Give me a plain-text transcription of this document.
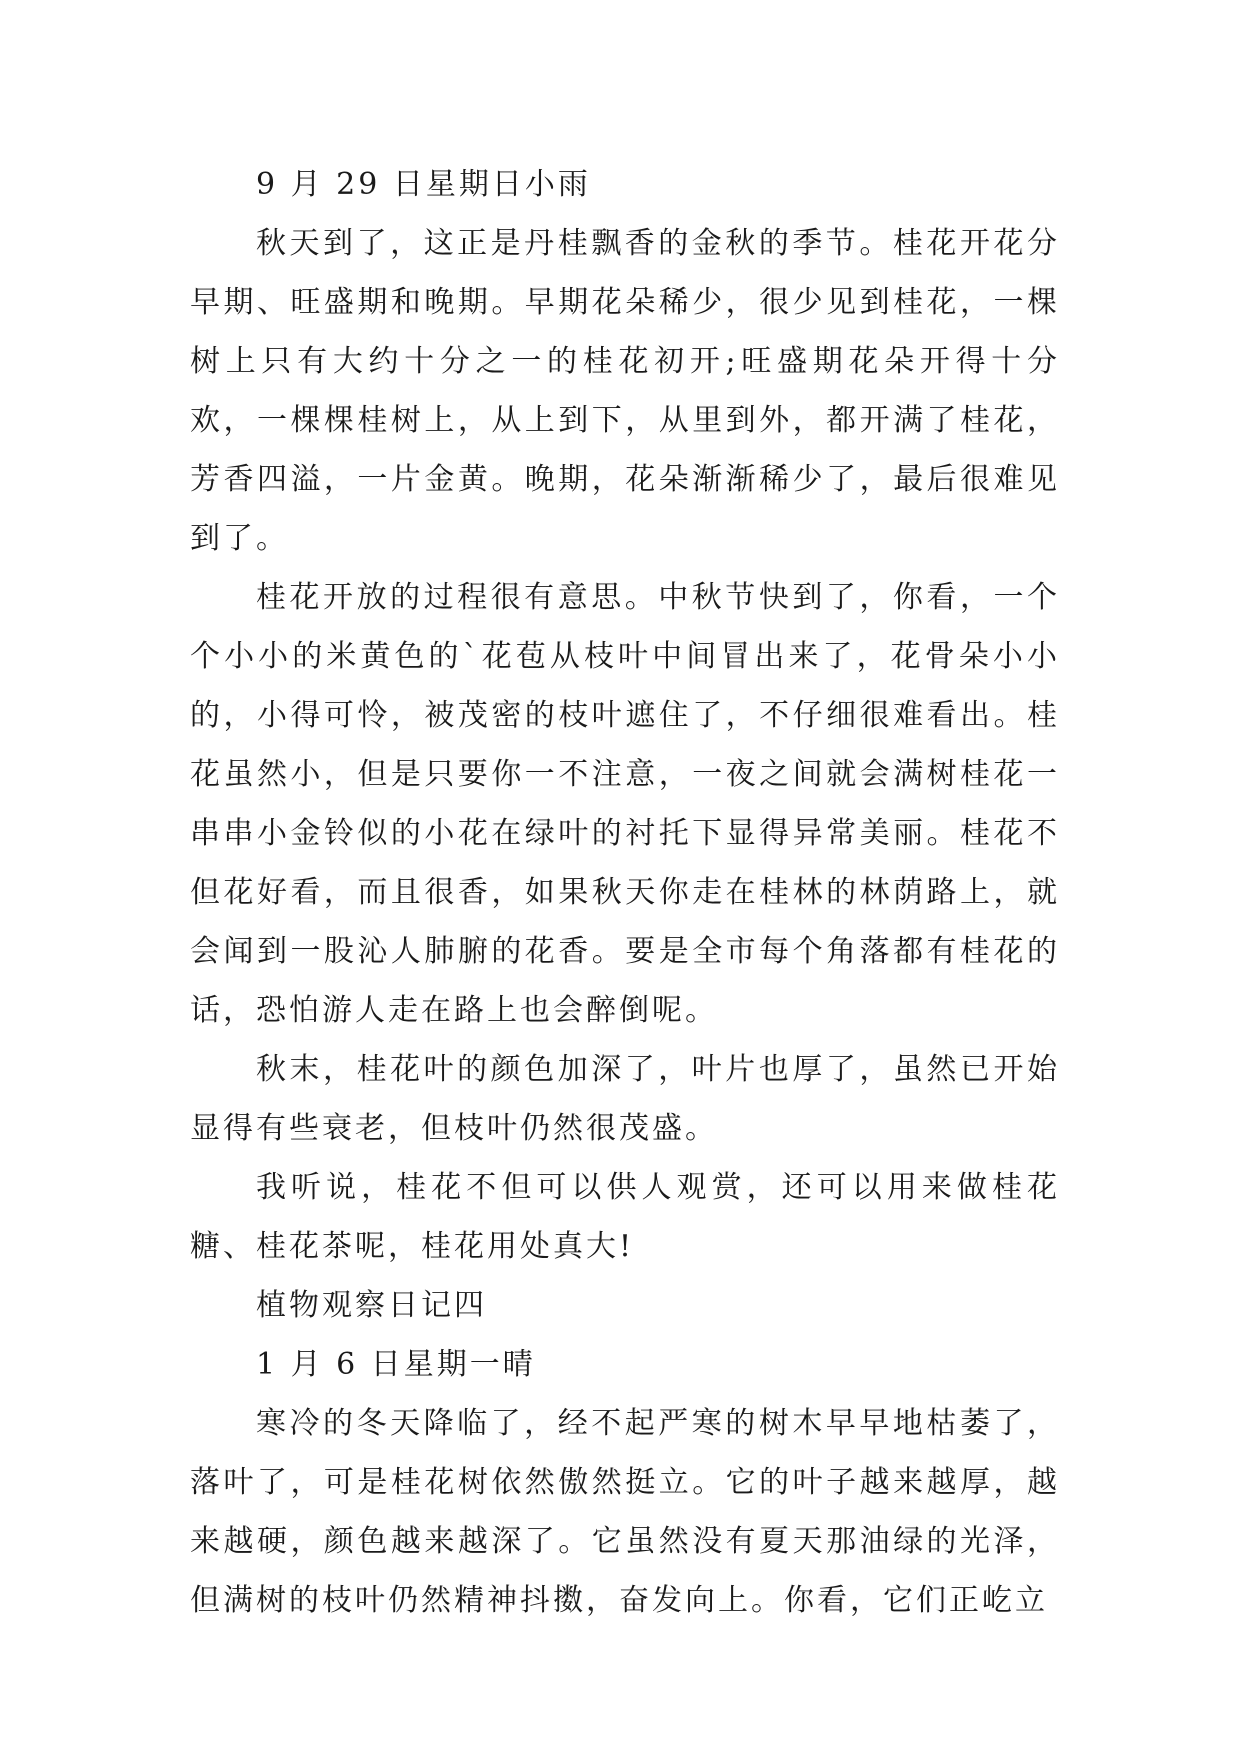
9 月 29 日星期日小雨

秋天到了，这正是丹桂飘香的金秋的季节。桂花开花分早期、旺盛期和晚期。早期花朵稀少，很少见到桂花，一棵树上只有大约十分之一的桂花初开;旺盛期花朵开得十分欢，一棵棵桂树上，从上到下，从里到外，都开满了桂花，芳香四溢，一片金黄。晚期，花朵渐渐稀少了，最后很难见到了。

桂花开放的过程很有意思。中秋节快到了，你看，一个个小小的米黄色的`花苞从枝叶中间冒出来了，花骨朵小小的，小得可怜，被茂密的枝叶遮住了，不仔细很难看出。桂花虽然小，但是只要你一不注意，一夜之间就会满树桂花一串串小金铃似的小花在绿叶的衬托下显得异常美丽。桂花不但花好看，而且很香，如果秋天你走在桂林的林荫路上，就会闻到一股沁人肺腑的花香。要是全市每个角落都有桂花的话，恐怕游人走在路上也会醉倒呢。

秋末，桂花叶的颜色加深了，叶片也厚了，虽然已开始显得有些衰老，但枝叶仍然很茂盛。

我听说，桂花不但可以供人观赏，还可以用来做桂花糖、桂花茶呢，桂花用处真大!

植物观察日记四

1 月 6 日星期一晴

寒冷的冬天降临了，经不起严寒的树木早早地枯萎了，落叶了，可是桂花树依然傲然挺立。它的叶子越来越厚，越来越硬，颜色越来越深了。它虽然没有夏天那油绿的光泽，但满树的枝叶仍然精神抖擞，奋发向上。你看，它们正屹立
